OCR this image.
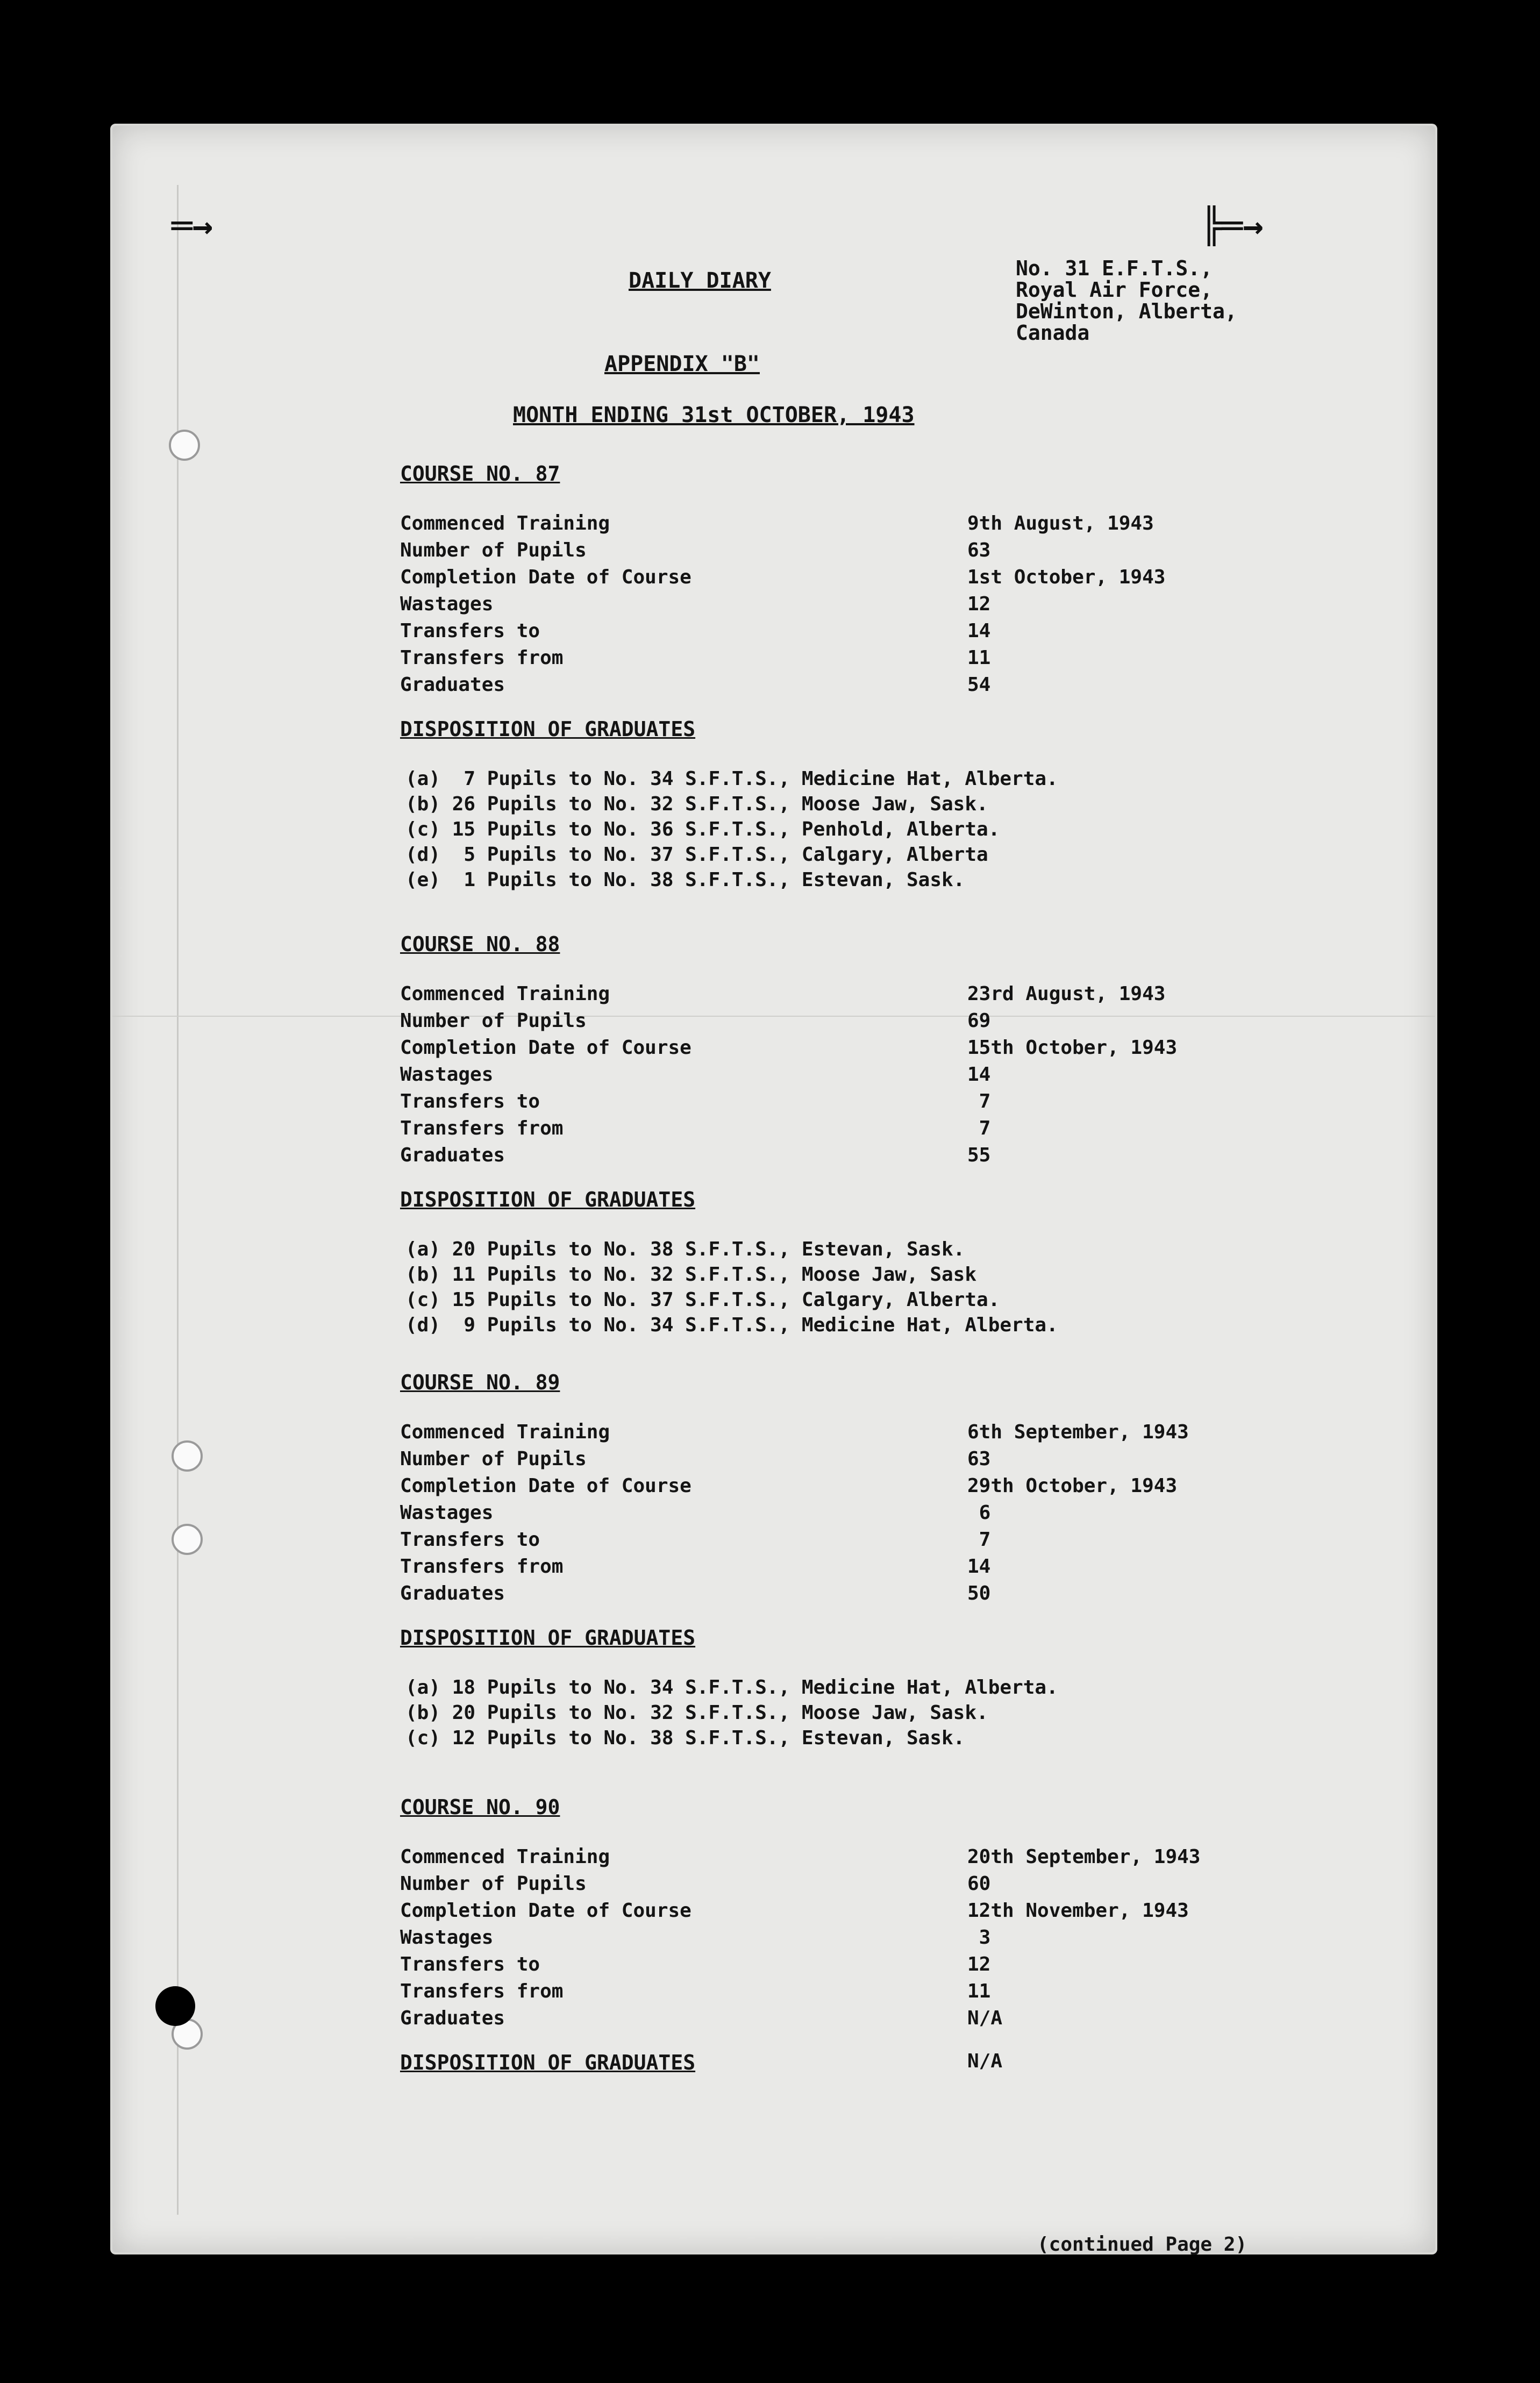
═→	╠═→
DAILY DIARY
APPENDIX "B"
MONTH ENDING 31st OCTOBER, 1943
No. 31 E.F.T.S.,
Royal Air Force,
DeWinton, Alberta,
Canada
COURSE NO. 87
Commenced Training	9th August, 1943
Number of Pupils	63
Completion Date of Course	1st October, 1943
Wastages	12
Transfers to	14
Transfers from	11
Graduates	54
DISPOSITION OF GRADUATES
(a)  7 Pupils to No. 34 S.F.T.S., Medicine Hat, Alberta.
(b) 26 Pupils to No. 32 S.F.T.S., Moose Jaw, Sask.
(c) 15 Pupils to No. 36 S.F.T.S., Penhold, Alberta.
(d)  5 Pupils to No. 37 S.F.T.S., Calgary, Alberta
(e)  1 Pupils to No. 38 S.F.T.S., Estevan, Sask.
COURSE NO. 88
Commenced Training	23rd August, 1943
Number of Pupils	69
Completion Date of Course	15th October, 1943
Wastages	14
Transfers to	7
Transfers from	7
Graduates	55
DISPOSITION OF GRADUATES
(a) 20 Pupils to No. 38 S.F.T.S., Estevan, Sask.
(b) 11 Pupils to No. 32 S.F.T.S., Moose Jaw, Sask
(c) 15 Pupils to No. 37 S.F.T.S., Calgary, Alberta.
(d)  9 Pupils to No. 34 S.F.T.S., Medicine Hat, Alberta.
COURSE NO. 89
Commenced Training	6th September, 1943
Number of Pupils	63
Completion Date of Course	29th October, 1943
Wastages	6
Transfers to	7
Transfers from	14
Graduates	50
DISPOSITION OF GRADUATES
(a) 18 Pupils to No. 34 S.F.T.S., Medicine Hat, Alberta.
(b) 20 Pupils to No. 32 S.F.T.S., Moose Jaw, Sask.
(c) 12 Pupils to No. 38 S.F.T.S., Estevan, Sask.
COURSE NO. 90
Commenced Training	20th September, 1943
Number of Pupils	60
Completion Date of Course	12th November, 1943
Wastages	3
Transfers to	12
Transfers from	11
Graduates	N/A
DISPOSITION OF GRADUATES	N/A
(continued Page 2)
